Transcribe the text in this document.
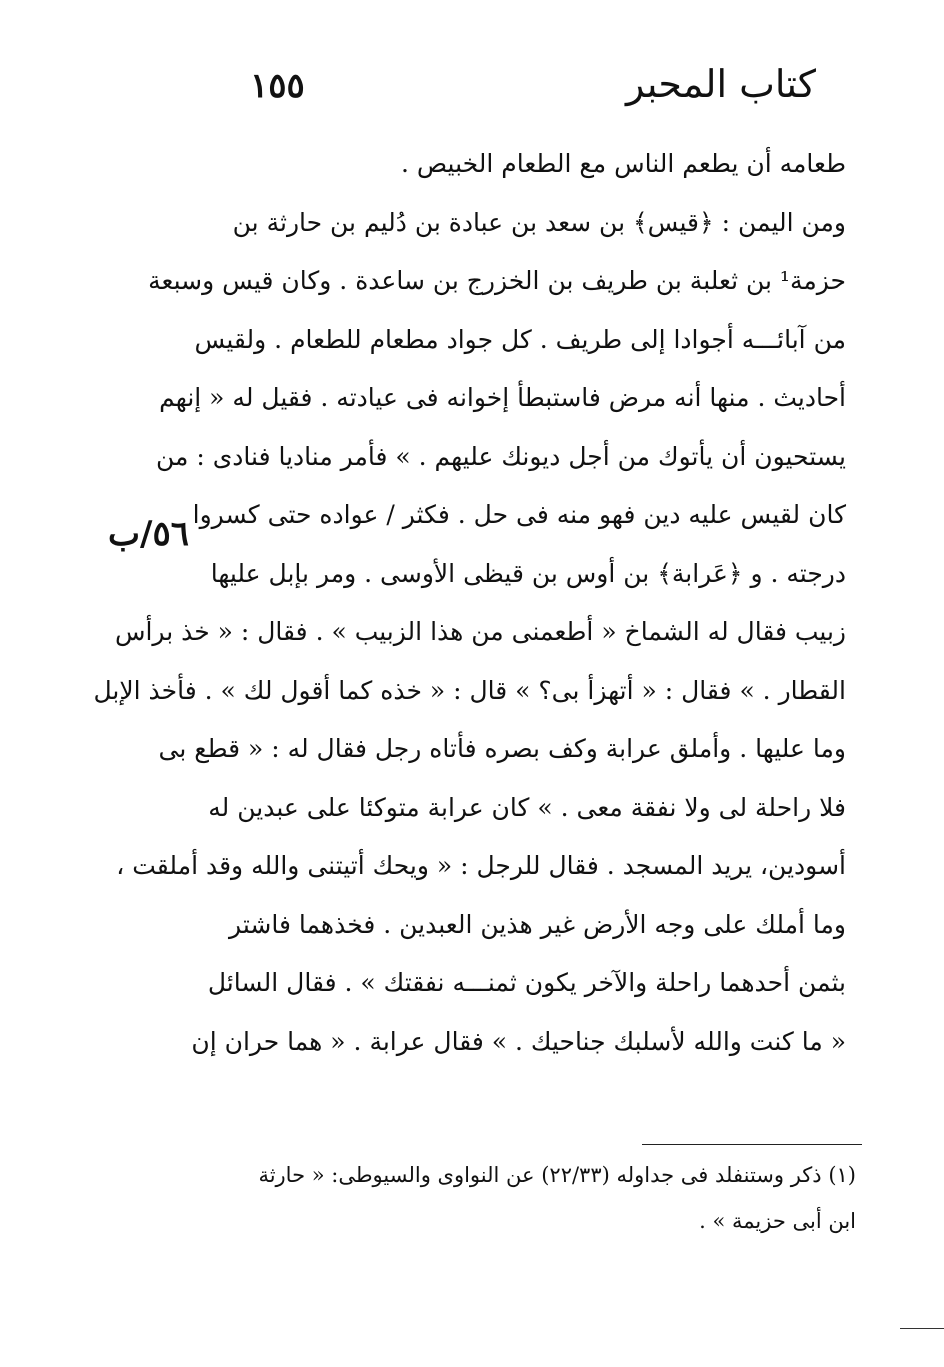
كتاب المحبر
١٥٥
طعامه أن يطعم الناس مع الطعام الخبيص .
ومن اليمن : ﴿قيس﴾ بن سعد بن عبادة بن دُليم بن حارثة بن
حزمة¹ بن ثعلبة بن طريف بن الخزرج بن ساعدة . وكان قيس وسبعة
من آبائـــه أجوادا إلى طريف . كل جواد مطعام للطعام . ولقيس
أحاديث . منها أنه مرض فاستبطأ إخوانه فى عيادته . فقيل له « إنهم
يستحيون أن يأتوك من أجل ديونك عليهم . » فأمر مناديا فنادى : من
كان لقيس عليه دين فهو منه فى حل . فكثر / عواده حتى كسروا
درجته . و ﴿عَرابة﴾ بن أوس بن قيظى الأوسى . ومر بإبل عليها
زبيب فقال له الشماخ « أطعمنى من هذا الزبيب » . فقال : « خذ برأس
القطار . » فقال : « أتهزأ بى؟ » قال : « خذه كما أقول لك » . فأخذ الإبل
وما عليها . وأملق عرابة وكف بصره فأتاه رجل فقال له : « قطع بى
فلا راحلة لى ولا نفقة معى . » كان عرابة متوكئا على عبدين له
أسودين، يريد المسجد . فقال للرجل : « ويحك أتيتنى والله وقد أملقت ،
وما أملك على وجه الأرض غير هذين العبدين . فخذهما فاشتر
بثمن أحدهما راحلة والآخر يكون ثمنـــه نفقتك » . فقال السائل
« ما كنت والله لأسلبك جناحيك . » فقال عرابة . « هما حران إن
٥٦/ب
(١) ذكر وستنفلد فى جداوله (٢٢/٣٣) عن النواوى والسيوطى: « حارثة
ابن أبى حزيمة » .
